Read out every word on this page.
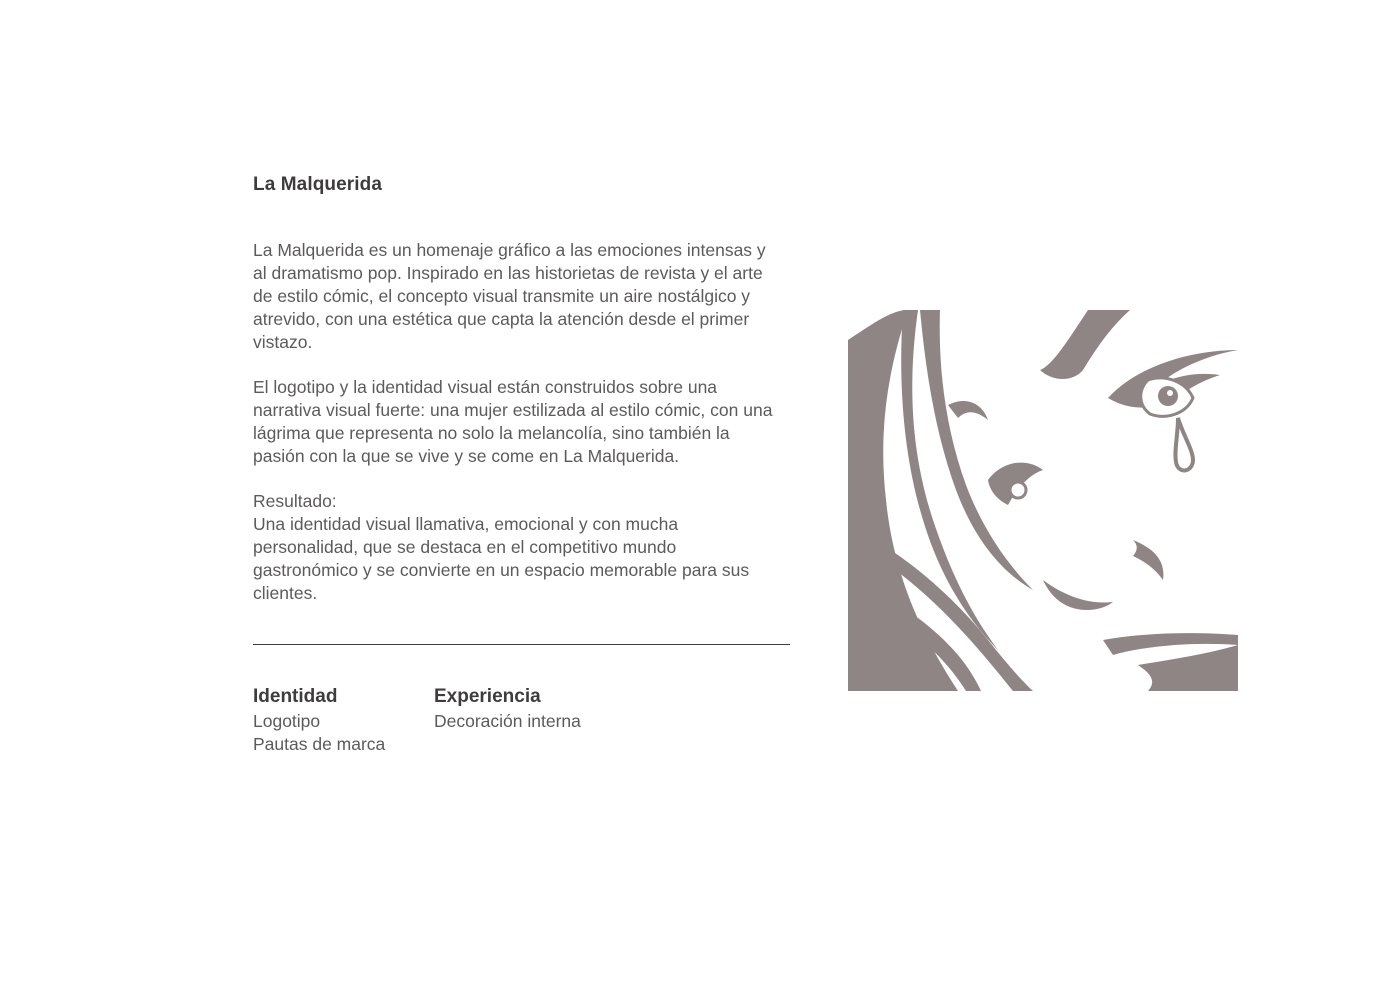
La Malquerida

La Malquerida es un homenaje gráfico a las emociones intensas y al dramatismo pop. Inspirado en las historietas de revista y el arte de estilo cómic, el concepto visual transmite un aire nostálgico y atrevido, con una estética que capta la atención desde el primer vistazo.

El logotipo y la identidad visual están construidos sobre una narrativa visual fuerte: una mujer estilizada al estilo cómic, con una lágrima que representa no solo la melancolía, sino también la pasión con la que se vive y se come en La Malquerida.

Resultado:

Una identidad visual llamativa, emocional y con mucha personalidad, que se destaca en el competitivo mundo gastronómico y se convierte en un espacio memorable para sus clientes.

Identidad
Logotipo
Pautas de marca
Experiencia
Decoración interna
